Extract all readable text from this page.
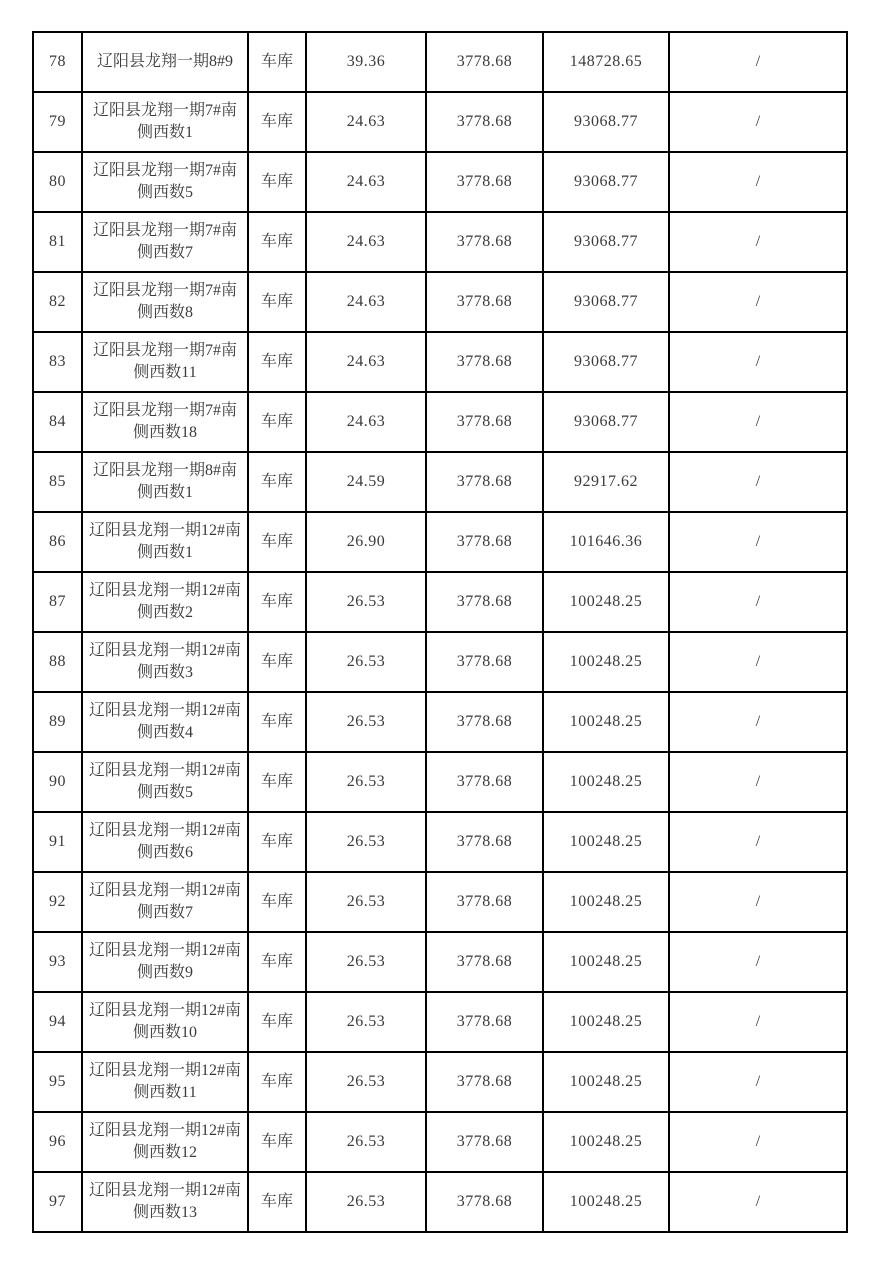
78	辽阳县龙翔一期8#9	车库	39.36	3778.68	148728.65	/
79	辽阳县龙翔一期7#南侧西数1	车库	24.63	3778.68	93068.77	/
80	辽阳县龙翔一期7#南侧西数5	车库	24.63	3778.68	93068.77	/
81	辽阳县龙翔一期7#南侧西数7	车库	24.63	3778.68	93068.77	/
82	辽阳县龙翔一期7#南侧西数8	车库	24.63	3778.68	93068.77	/
83	辽阳县龙翔一期7#南侧西数11	车库	24.63	3778.68	93068.77	/
84	辽阳县龙翔一期7#南侧西数18	车库	24.63	3778.68	93068.77	/
85	辽阳县龙翔一期8#南侧西数1	车库	24.59	3778.68	92917.62	/
86	辽阳县龙翔一期12#南侧西数1	车库	26.90	3778.68	101646.36	/
87	辽阳县龙翔一期12#南侧西数2	车库	26.53	3778.68	100248.25	/
88	辽阳县龙翔一期12#南侧西数3	车库	26.53	3778.68	100248.25	/
89	辽阳县龙翔一期12#南侧西数4	车库	26.53	3778.68	100248.25	/
90	辽阳县龙翔一期12#南侧西数5	车库	26.53	3778.68	100248.25	/
91	辽阳县龙翔一期12#南侧西数6	车库	26.53	3778.68	100248.25	/
92	辽阳县龙翔一期12#南侧西数7	车库	26.53	3778.68	100248.25	/
93	辽阳县龙翔一期12#南侧西数9	车库	26.53	3778.68	100248.25	/
94	辽阳县龙翔一期12#南侧西数10	车库	26.53	3778.68	100248.25	/
95	辽阳县龙翔一期12#南侧西数11	车库	26.53	3778.68	100248.25	/
96	辽阳县龙翔一期12#南侧西数12	车库	26.53	3778.68	100248.25	/
97	辽阳县龙翔一期12#南侧西数13	车库	26.53	3778.68	100248.25	/
